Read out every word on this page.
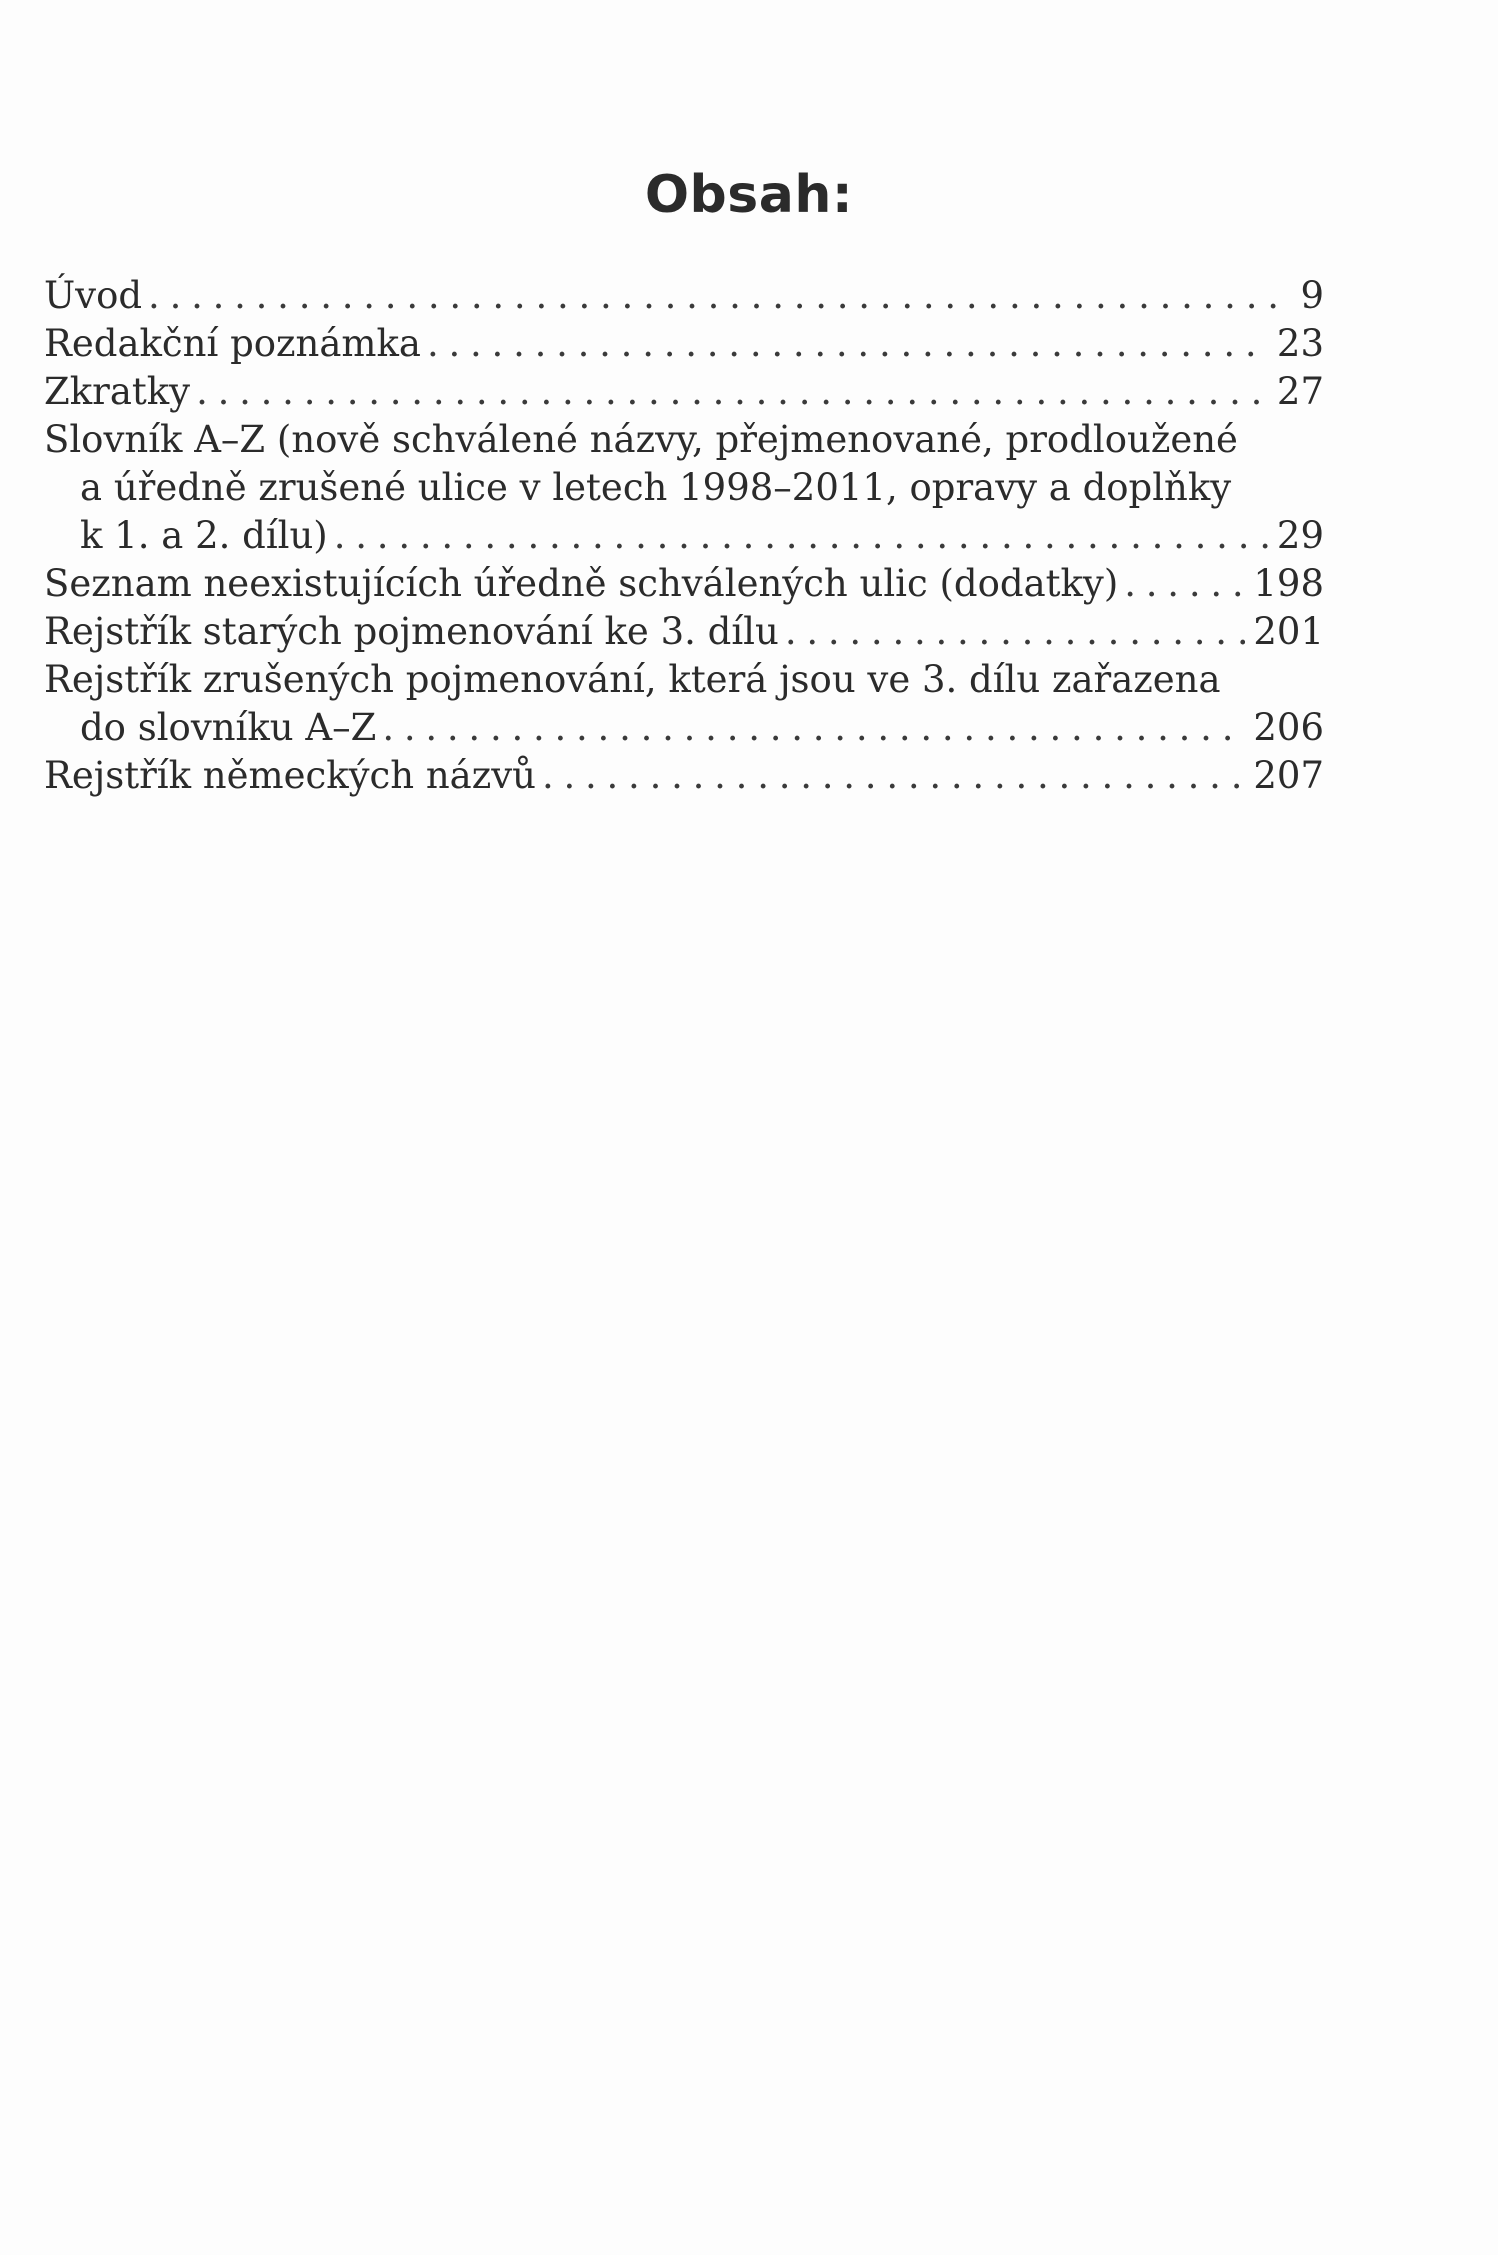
Obsah:
Úvod . . .	9
Redakční poznámka . . .	23
Zkratky . . .	27
Slovník A–Z (nově schválené názvy, přejmenované, prodloužené
a úředně zrušené ulice v letech 1998–2011, opravy a doplňky
k 1. a 2. dílu) . . .	29
Seznam neexistujících úředně schválených ulic (dodatky) . . .	198
Rejstřík starých pojmenování ke 3. dílu . . .	201
Rejstřík zrušených pojmenování, která jsou ve 3. dílu zařazena
do slovníku A–Z . . .	206
Rejstřík německých názvů . . .	207
